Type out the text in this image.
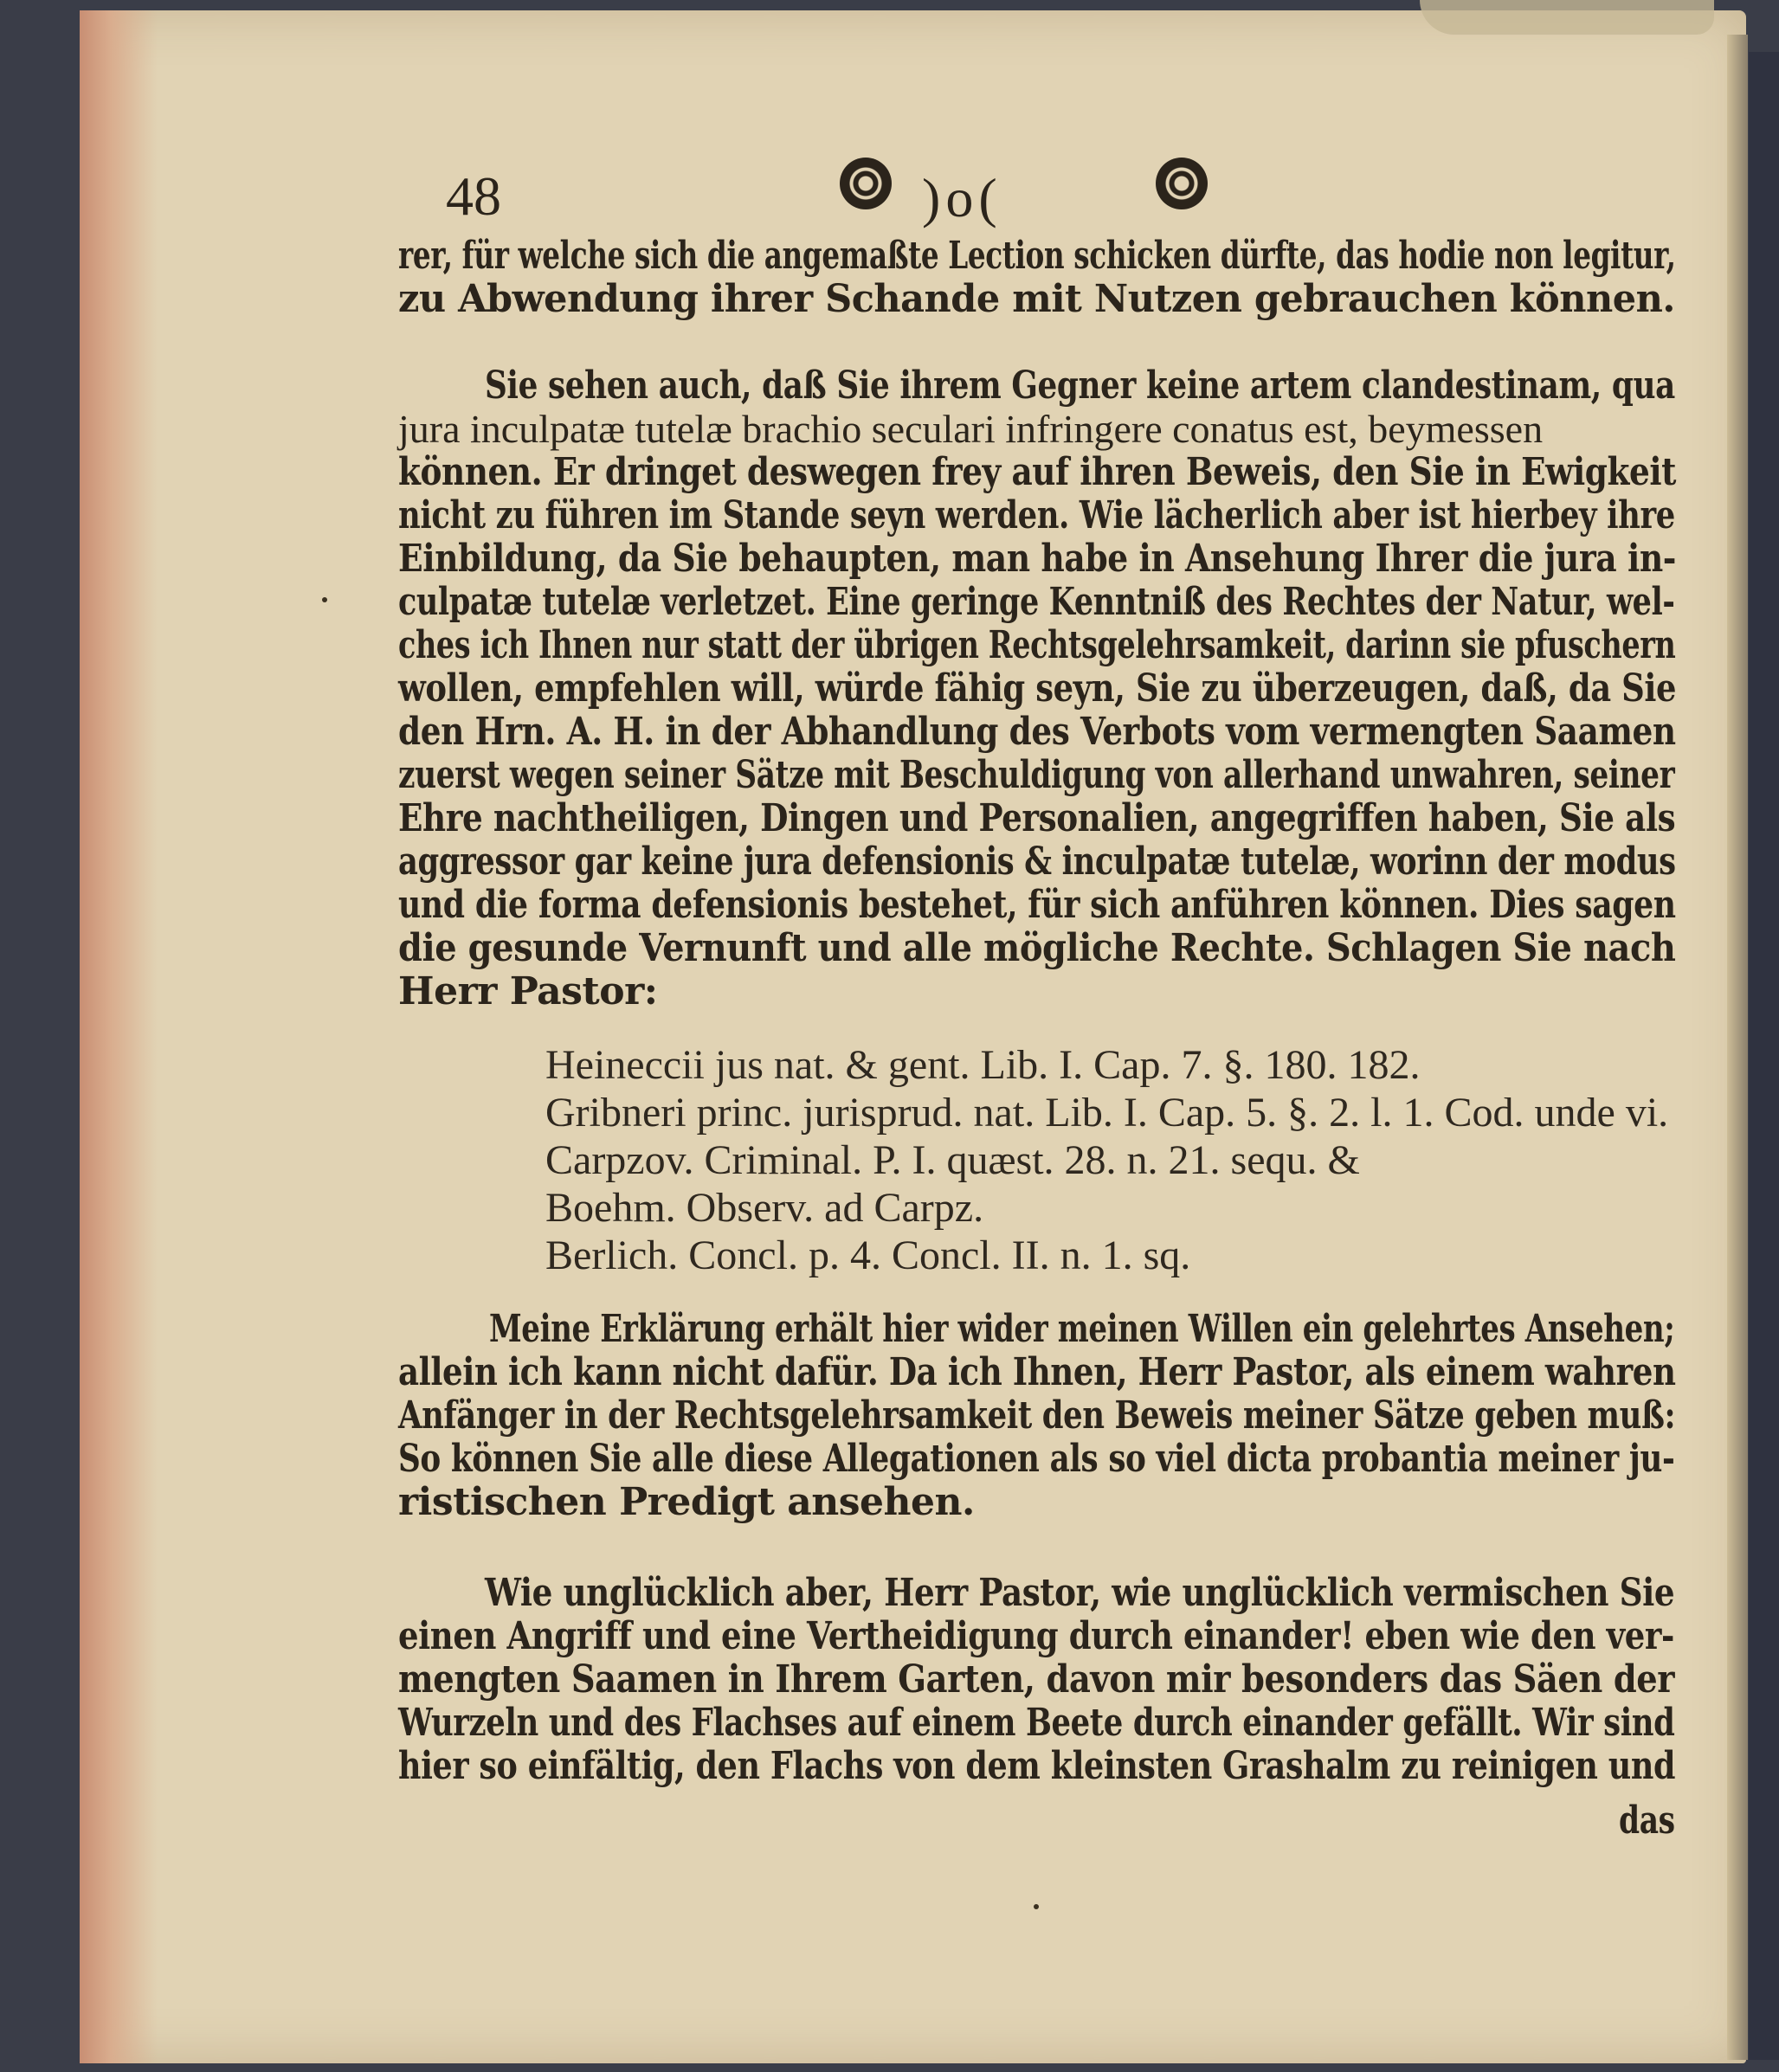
48	)o(
rer, für welche sich die angemaßte Lection schicken dürfte, das hodie non legitur,
zu Abwendung ihrer Schande mit Nutzen gebrauchen können.
Sie sehen auch, daß Sie ihrem Gegner keine artem clandestinam, qua
jura inculpatæ tutelæ brachio seculari infringere conatus est, beymessen
können. Er dringet deswegen frey auf ihren Beweis, den Sie in Ewigkeit
nicht zu führen im Stande seyn werden. Wie lächerlich aber ist hierbey ihre
Einbildung, da Sie behaupten, man habe in Ansehung Ihrer die jura in-
culpatæ tutelæ verletzet. Eine geringe Kenntniß des Rechtes der Natur, wel-
ches ich Ihnen nur statt der übrigen Rechtsgelehrsamkeit, darinn sie pfuschern
wollen, empfehlen will, würde fähig seyn, Sie zu überzeugen, daß, da Sie
den Hrn. A. H. in der Abhandlung des Verbots vom vermengten Saamen
zuerst wegen seiner Sätze mit Beschuldigung von allerhand unwahren, seiner
Ehre nachtheiligen, Dingen und Personalien, angegriffen haben, Sie als
aggressor gar keine jura defensionis & inculpatæ tutelæ, worinn der modus
und die forma defensionis bestehet, für sich anführen können. Dies sagen
die gesunde Vernunft und alle mögliche Rechte. Schlagen Sie nach
Herr Pastor:
Heineccii jus nat. & gent. Lib. I. Cap. 7. §. 180. 182.
Gribneri princ. jurisprud. nat. Lib. I. Cap. 5. §. 2. l. 1. Cod. unde vi.
Carpzov. Criminal. P. I. quæst. 28. n. 21. sequ. &
Boehm. Observ. ad Carpz.
Berlich. Concl. p. 4. Concl. II. n. 1. sq.
Meine Erklärung erhält hier wider meinen Willen ein gelehrtes Ansehen;
allein ich kann nicht dafür. Da ich Ihnen, Herr Pastor, als einem wahren
Anfänger in der Rechtsgelehrsamkeit den Beweis meiner Sätze geben muß:
So können Sie alle diese Allegationen als so viel dicta probantia meiner ju-
ristischen Predigt ansehen.
Wie unglücklich aber, Herr Pastor, wie unglücklich vermischen Sie
einen Angriff und eine Vertheidigung durch einander! eben wie den ver-
mengten Saamen in Ihrem Garten, davon mir besonders das Säen der
Wurzeln und des Flachses auf einem Beete durch einander gefällt. Wir sind
hier so einfältig, den Flachs von dem kleinsten Grashalm zu reinigen und
das
